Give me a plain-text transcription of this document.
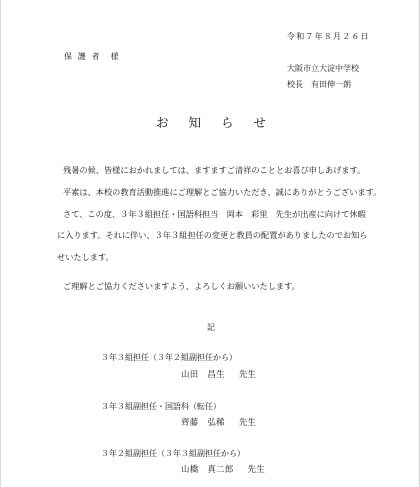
令和７年８月２６日
保 護 者　様
大阪市立大淀中学校
校長 有田伸一朗
お 知 ら せ
残暑の候、皆様におかれましては、ますますご清祥のこととお喜び申しあげます。
平素は、本校の教育活動推進にご理解とご協力いただき、誠にありがとうございます。
さて、この度、３年３組担任・国語科担当　岡本　彩里　先生が出産に向けて休暇
に入ります。それに伴い、３年３組担任の変更と教員の配置がありましたのでお知ら
せいたします。
ご理解とご協力くださいますよう、よろしくお願いいたします。
記
３年３組担任（３年２組副担任から）
山田　昌生 先生
３年３組副担任・国語科（転任）
齊藤　弘稀 先生
３年２組副担任（３年３組副担任から）
山橋　真二郎 先生
